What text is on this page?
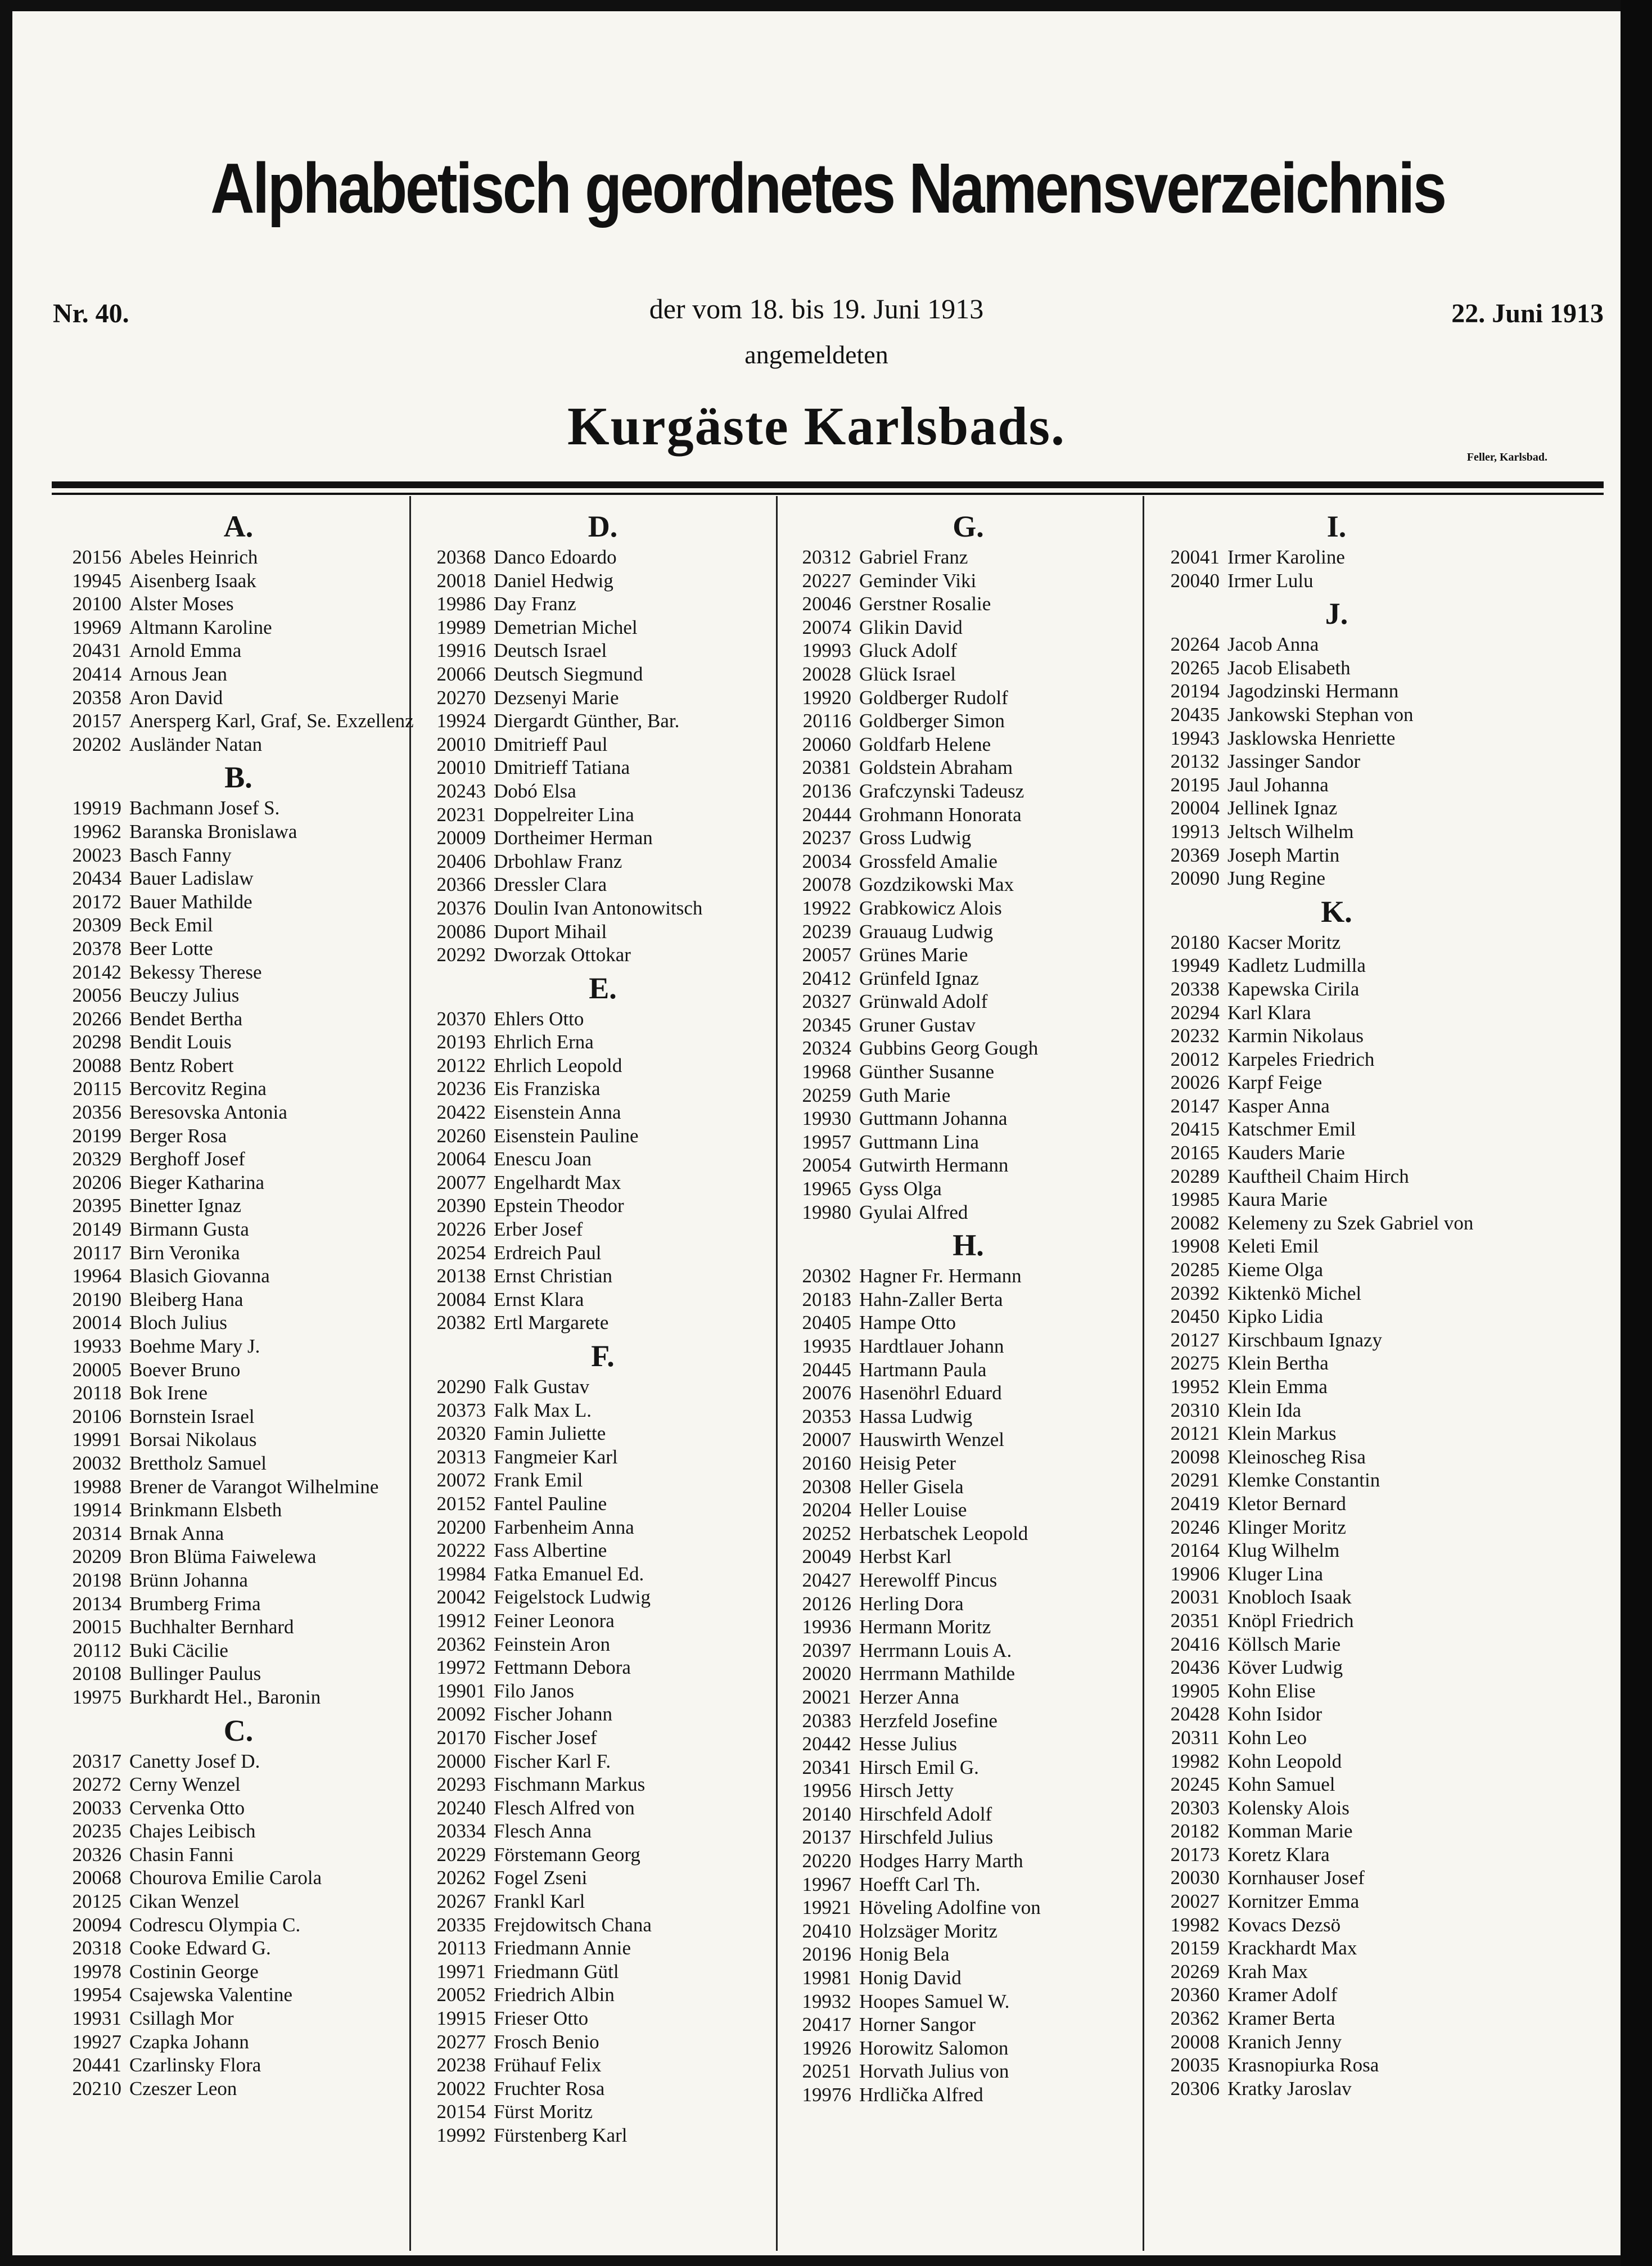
Alphabetisch geordnetes Namensverzeichnis
Nr. 40.	der vom 18. bis 19. Juni 1913	22. Juni 1913
angemeldeten
Kurgäste Karlsbads.
Feller, Karlsbad.
A.
20156 Abeles Heinrich
19945 Aisenberg Isaak
20100 Alster Moses
19969 Altmann Karoline
20431 Arnold Emma
20414 Arnous Jean
20358 Aron David
20157 Anersperg Karl, Graf, Se. Exzellenz
20202 Ausländer Natan
B.
19919 Bachmann Josef S.
19962 Baranska Bronislawa
20023 Basch Fanny
20434 Bauer Ladislaw
20172 Bauer Mathilde
20309 Beck Emil
20378 Beer Lotte
20142 Bekessy Therese
20056 Beuczy Julius
20266 Bendet Bertha
20298 Bendit Louis
20088 Bentz Robert
20115 Bercovitz Regina
20356 Beresovska Antonia
20199 Berger Rosa
20329 Berghoff Josef
20206 Bieger Katharina
20395 Binetter Ignaz
20149 Birmann Gusta
20117 Birn Veronika
19964 Blasich Giovanna
20190 Bleiberg Hana
20014 Bloch Julius
19933 Boehme Mary J.
20005 Boever Bruno
20118 Bok Irene
20106 Bornstein Israel
19991 Borsai Nikolaus
20032 Brettholz Samuel
19988 Brener de Varangot Wilhelmine
19914 Brinkmann Elsbeth
20314 Brnak Anna
20209 Bron Blüma Faiwelewa
20198 Brünn Johanna
20134 Brumberg Frima
20015 Buchhalter Bernhard
20112 Buki Cäcilie
20108 Bullinger Paulus
19975 Burkhardt Hel., Baronin
C.
20317 Canetty Josef D.
20272 Cerny Wenzel
20033 Cervenka Otto
20235 Chajes Leibisch
20326 Chasin Fanni
20068 Chourova Emilie Carola
20125 Cikan Wenzel
20094 Codrescu Olympia C.
20318 Cooke Edward G.
19978 Costinin George
19954 Csajewska Valentine
19931 Csillagh Mor
19927 Czapka Johann
20441 Czarlinsky Flora
20210 Czeszer Leon
D.
20368 Danco Edoardo
20018 Daniel Hedwig
19986 Day Franz
19989 Demetrian Michel
19916 Deutsch Israel
20066 Deutsch Siegmund
20270 Dezsenyi Marie
19924 Diergardt Günther, Bar.
20010 Dmitrieff Paul
20010 Dmitrieff Tatiana
20243 Dobó Elsa
20231 Doppelreiter Lina
20009 Dortheimer Herman
20406 Drbohlaw Franz
20366 Dressler Clara
20376 Doulin Ivan Antonowitsch
20086 Duport Mihail
20292 Dworzak Ottokar
E.
20370 Ehlers Otto
20193 Ehrlich Erna
20122 Ehrlich Leopold
20236 Eis Franziska
20422 Eisenstein Anna
20260 Eisenstein Pauline
20064 Enescu Joan
20077 Engelhardt Max
20390 Epstein Theodor
20226 Erber Josef
20254 Erdreich Paul
20138 Ernst Christian
20084 Ernst Klara
20382 Ertl Margarete
F.
20290 Falk Gustav
20373 Falk Max L.
20320 Famin Juliette
20313 Fangmeier Karl
20072 Frank Emil
20152 Fantel Pauline
20200 Farbenheim Anna
20222 Fass Albertine
19984 Fatka Emanuel Ed.
20042 Feigelstock Ludwig
19912 Feiner Leonora
20362 Feinstein Aron
19972 Fettmann Debora
19901 Filo Janos
20092 Fischer Johann
20170 Fischer Josef
20000 Fischer Karl F.
20293 Fischmann Markus
20240 Flesch Alfred von
20334 Flesch Anna
20229 Förstemann Georg
20262 Fogel Zseni
20267 Frankl Karl
20335 Frejdowitsch Chana
20113 Friedmann Annie
19971 Friedmann Gütl
20052 Friedrich Albin
19915 Frieser Otto
20277 Frosch Benio
20238 Frühauf Felix
20022 Fruchter Rosa
20154 Fürst Moritz
19992 Fürstenberg Karl
G.
20312 Gabriel Franz
20227 Geminder Viki
20046 Gerstner Rosalie
20074 Glikin David
19993 Gluck Adolf
20028 Glück Israel
19920 Goldberger Rudolf
20116 Goldberger Simon
20060 Goldfarb Helene
20381 Goldstein Abraham
20136 Grafczynski Tadeusz
20444 Grohmann Honorata
20237 Gross Ludwig
20034 Grossfeld Amalie
20078 Gozdzikowski Max
19922 Grabkowicz Alois
20239 Grauaug Ludwig
20057 Grünes Marie
20412 Grünfeld Ignaz
20327 Grünwald Adolf
20345 Gruner Gustav
20324 Gubbins Georg Gough
19968 Günther Susanne
20259 Guth Marie
19930 Guttmann Johanna
19957 Guttmann Lina
20054 Gutwirth Hermann
19965 Gyss Olga
19980 Gyulai Alfred
H.
20302 Hagner Fr. Hermann
20183 Hahn-Zaller Berta
20405 Hampe Otto
19935 Hardtlauer Johann
20445 Hartmann Paula
20076 Hasenöhrl Eduard
20353 Hassa Ludwig
20007 Hauswirth Wenzel
20160 Heisig Peter
20308 Heller Gisela
20204 Heller Louise
20252 Herbatschek Leopold
20049 Herbst Karl
20427 Herewolff Pincus
20126 Herling Dora
19936 Hermann Moritz
20397 Herrmann Louis A.
20020 Herrmann Mathilde
20021 Herzer Anna
20383 Herzfeld Josefine
20442 Hesse Julius
20341 Hirsch Emil G.
19956 Hirsch Jetty
20140 Hirschfeld Adolf
20137 Hirschfeld Julius
20220 Hodges Harry Marth
19967 Hoefft Carl Th.
19921 Höveling Adolfine von
20410 Holzsäger Moritz
20196 Honig Bela
19981 Honig David
19932 Hoopes Samuel W.
20417 Horner Sangor
19926 Horowitz Salomon
20251 Horvath Julius von
19976 Hrdlička Alfred
I.
20041 Irmer Karoline
20040 Irmer Lulu
J.
20264 Jacob Anna
20265 Jacob Elisabeth
20194 Jagodzinski Hermann
20435 Jankowski Stephan von
19943 Jasklowska Henriette
20132 Jassinger Sandor
20195 Jaul Johanna
20004 Jellinek Ignaz
19913 Jeltsch Wilhelm
20369 Joseph Martin
20090 Jung Regine
K.
20180 Kacser Moritz
19949 Kadletz Ludmilla
20338 Kapewska Cirila
20294 Karl Klara
20232 Karmin Nikolaus
20012 Karpeles Friedrich
20026 Karpf Feige
20147 Kasper Anna
20415 Katschmer Emil
20165 Kauders Marie
20289 Kauftheil Chaim Hirch
19985 Kaura Marie
20082 Kelemeny zu Szek Gabriel von
19908 Keleti Emil
20285 Kieme Olga
20392 Kiktenkö Michel
20450 Kipko Lidia
20127 Kirschbaum Ignazy
20275 Klein Bertha
19952 Klein Emma
20310 Klein Ida
20121 Klein Markus
20098 Kleinoscheg Risa
20291 Klemke Constantin
20419 Kletor Bernard
20246 Klinger Moritz
20164 Klug Wilhelm
19906 Kluger Lina
20031 Knobloch Isaak
20351 Knöpl Friedrich
20416 Köllsch Marie
20436 Köver Ludwig
19905 Kohn Elise
20428 Kohn Isidor
20311 Kohn Leo
19982 Kohn Leopold
20245 Kohn Samuel
20303 Kolensky Alois
20182 Komman Marie
20173 Koretz Klara
20030 Kornhauser Josef
20027 Kornitzer Emma
19982 Kovacs Dezsö
20159 Krackhardt Max
20269 Krah Max
20360 Kramer Adolf
20362 Kramer Berta
20008 Kranich Jenny
20035 Krasnopiurka Rosa
20306 Kratky Jaroslav
